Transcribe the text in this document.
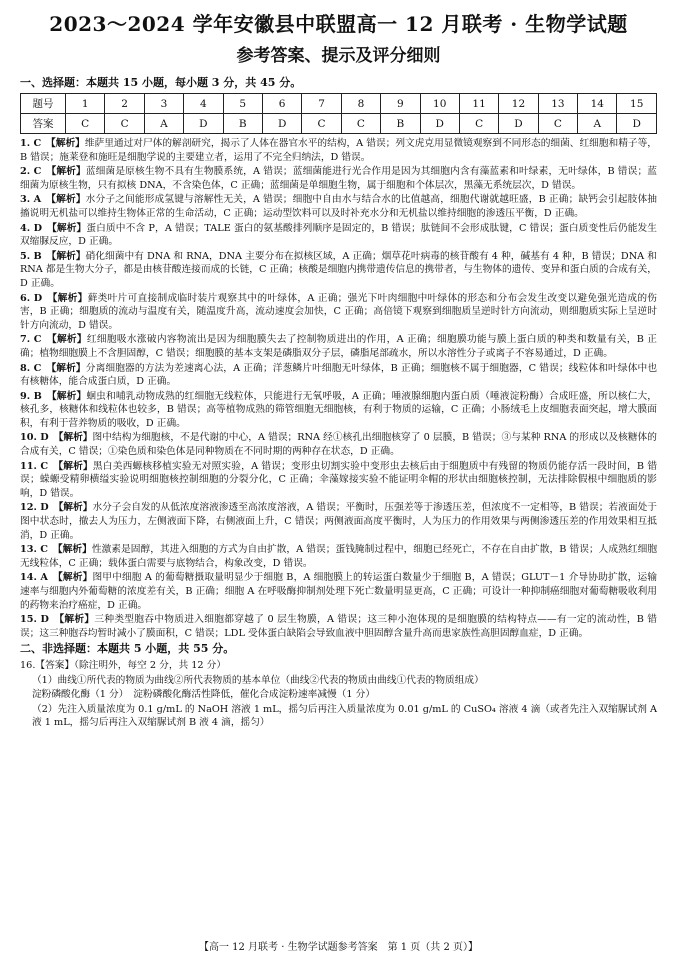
2023～2024 学年安徽县中联盟高一 12 月联考 · 生物学试题
参考答案、提示及评分细则
一、选择题：本题共 15 小题，每小题 3 分，共 45 分。
题号	1	2	3	4	5	6	7	8	9	10	11	12	13	14	15
答案	C	C	A	D	B	D	C	C	B	D	C	D	C	A	D
1. C　 【解析】维萨里通过对尸体的解剖研究，揭示了人体在器官水平的结构，A 错误；列文虎克用显微镜观察到不同形态的细菌、红细胞和精子等，B 错误；施莱登和施旺是细胞学说的主要建立者，运用了不完全归纳法，D 错误。
2. C　 【解析】蓝细菌是原核生物不具有生物膜系统，A 错误；蓝细菌能进行光合作用是因为其细胞内含有藻蓝素和叶绿素，无叶绿体，B 错误；蓝细菌为原核生物，只有拟核 DNA，不含染色体，C 正确；蓝细菌是单细胞生物，属于细胞和个体层次，黑藻无系统层次，D 错误。
3. A　 【解析】水分子之间能形成氢键与溶解性无关，A 错误；细胞中自由水与结合水的比值越高，细胞代谢就越旺盛，B 正确；缺钙会引起肢体抽搐说明无机盐可以维持生物体正常的生命活动，C 正确；运动型饮料可以及时补充水分和无机盐以维持细胞的渗透压平衡，D 正确。
4. D　 【解析】蛋白质中不含 P，A 错误；TALE 蛋白的氨基酸排列顺序是固定的，B 错误；肽链间不会形成肽键，C 错误；蛋白质变性后仍能发生双缩脲反应，D 正确。
5. B　 【解析】硝化细菌中有 DNA 和 RNA，DNA 主要分布在拟核区域，A 正确；烟草花叶病毒的核苷酸有 4 种，碱基有 4 种，B 错误；DNA 和 RNA 都是生物大分子，都是由核苷酸连接而成的长链，C 正确；核酸是细胞内携带遗传信息的携带者，与生物体的遗传、变异和蛋白质的合成有关，D 正确。
6. D　 【解析】藓类叶片可直接制成临时装片观察其中的叶绿体，A 正确；强光下叶肉细胞中叶绿体的形态和分布会发生改变以避免强光造成的伤害，B 正确；细胞质的流动与温度有关，随温度升高，流动速度会加快，C 正确；高倍镜下观察到细胞质呈逆时针方向流动，则细胞质实际上呈逆时针方向流动，D 错误。
7. C　 【解析】红细胞吸水涨破内容物流出是因为细胞膜失去了控制物质进出的作用，A 正确；细胞膜功能与膜上蛋白质的种类和数量有关，B 正确；植物细胞膜上不含胆固醇，C 错误；细胞膜的基本支架是磷脂双分子层，磷脂尾部疏水，所以水溶性分子或离子不容易通过，D 正确。
8. C　 【解析】分离细胞器的方法为差速离心法，A 正确；洋葱鳞片叶细胞无叶绿体，B 正确；细胞核不属于细胞器，C 错误；线粒体和叶绿体中也有核糖体，能合成蛋白质，D 正确。
9. B　 【解析】蛔虫和哺乳动物成熟的红细胞无线粒体，只能进行无氧呼吸，A 正确；唾液腺细胞内蛋白质（唾液淀粉酶）合成旺盛，所以核仁大，核孔多，核糖体和线粒体也较多，B 错误；高等植物成熟的筛管细胞无细胞核，有利于物质的运输，C 正确；小肠绒毛上皮细胞表面突起，增大膜面积，有利于营养物质的吸收，D 正确。
10. D　 【解析】图中结构为细胞核，不是代谢的中心，A 错误；RNA 经①核孔出细胞核穿了 0 层膜，B 错误；③与某种 RNA 的形成以及核糖体的合成有关，C 错误；①染色质和染色体是同种物质在不同时期的两种存在状态，D 正确。
11. C　 【解析】黑白美西螈核移植实验无对照实验，A 错误；变形虫切割实验中变形虫去核后由于细胞质中有残留的物质仍能存活一段时间，B 错误；蝾螈受精卵横缢实验说明细胞核控制细胞的分裂分化，C 正确；伞藻嫁接实验不能证明伞帽的形状由细胞核控制，无法排除假根中细胞质的影响，D 错误。
12. D　 【解析】水分子会自发的从低浓度溶液渗透至高浓度溶液，A 错误；平衡时，压强差等于渗透压差，但浓度不一定相等，B 错误；若液面处于图中状态时，撤去人为压力，左侧液面下降，右侧液面上升，C 错误；两侧液面高度平衡时，人为压力的作用效果与两侧渗透压差的作用效果相互抵消，D 正确。
13. C　 【解析】性激素是固醇，其进入细胞的方式为自由扩散，A 错误；蛋钱腌制过程中，细胞已经死亡，不存在自由扩散，B 错误；人成熟红细胞无线粒体，C 正确；载体蛋白需要与底物结合，构象改变，D 错误。
14. A　 【解析】图甲中细胞 A 的葡萄糖摄取量明显少于细胞 B，A 细胞膜上的转运蛋白数量少于细胞 B，A 错误；GLUT－1 介导协助扩散，运输速率与细胞内外葡萄糖的浓度差有关，B 正确；细胞 A 在呼吸酶抑制剂处理下死亡数量明显更高，C 正确；可设计一种抑制癌细胞对葡萄糖吸收利用的药物来治疗癌症，D 正确。
15. D　 【解析】三种类型胞吞中物质进入细胞都穿越了 0 层生物膜，A 错误；这三种小泡体现的是细胞膜的结构特点——有一定的流动性，B 错误；这三种胞吞均暂时减小了膜面积，C 错误；LDL 受体蛋白缺陷会导致血液中胆固醇含量升高而患家族性高胆固醇血症，D 正确。
二、非选择题：本题共 5 小题，共 55 分。
16.【答案】（除注明外，每空 2 分，共 12 分）
（1）曲线①所代表的物质为曲线②所代表物质的基本单位（曲线②代表的物质由曲线①代表的物质组成）
淀粉磷酸化酶（1 分）　淀粉磷酸化酶活性降低，催化合成淀粉速率减慢（1 分）
（2）先注入质量浓度为 0.1 g/mL 的 NaOH 溶液 1 mL，摇匀后再注入质量浓度为 0.01 g/mL 的 CuSO₄ 溶液 4 滴（或者先注入双缩脲试剂 A 液 1 mL，摇匀后再注入双缩脲试剂 B 液 4 滴，摇匀）
【高一 12 月联考 · 生物学试题参考答案　第 1 页（共 2 页）】
